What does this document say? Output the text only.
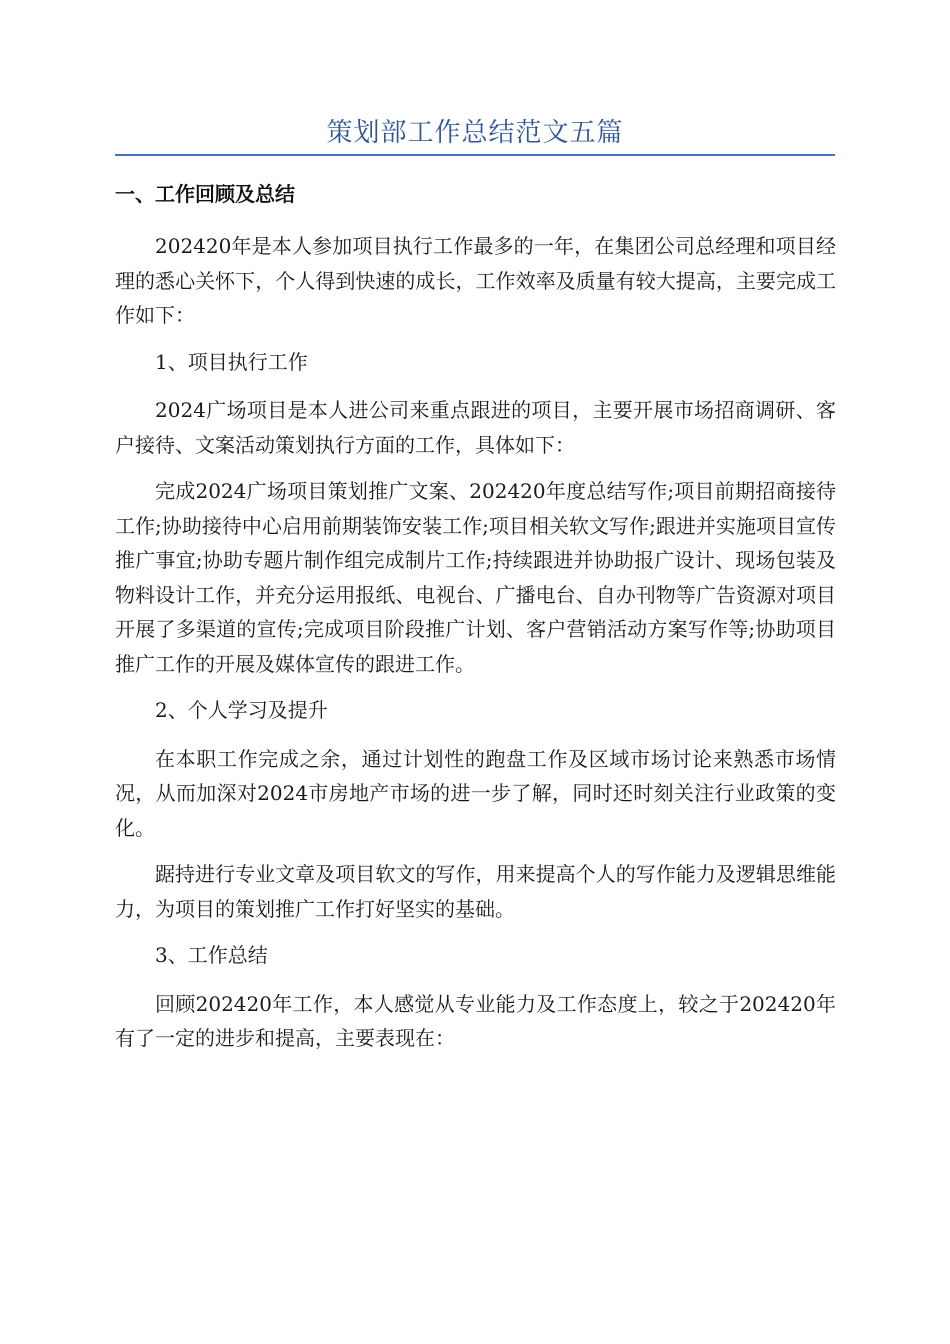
策划部工作总结范文五篇
一、工作回顾及总结

202420年是本人参加项目执行工作最多的一年，在集团公司总经理和项目经理的悉心关怀下，个人得到快速的成长，工作效率及质量有较大提高，主要完成工作如下：

1、项目执行工作

2024广场项目是本人进公司来重点跟进的项目，主要开展市场招商调研、客户接待、文案活动策划执行方面的工作，具体如下：

完成2024广场项目策划推广文案、202420年度总结写作;项目前期招商接待工作;协助接待中心启用前期装饰安装工作;项目相关软文写作;跟进并实施项目宣传推广事宜;协助专题片制作组完成制片工作;持续跟进并协助报广设计、现场包装及物料设计工作，并充分运用报纸、电视台、广播电台、自办刊物等广告资源对项目开展了多渠道的宣传;完成项目阶段推广计划、客户营销活动方案写作等;协助项目推广工作的开展及媒体宣传的跟进工作。

2、个人学习及提升

在本职工作完成之余，通过计划性的跑盘工作及区域市场讨论来熟悉市场情况，从而加深对2024市房地产市场的进一步了解，同时还时刻关注行业政策的变化。

踞持进行专业文章及项目软文的写作，用来提高个人的写作能力及逻辑思维能力，为项目的策划推广工作打好坚实的基础。

3、工作总结

回顾202420年工作，本人感觉从专业能力及工作态度上，较之于202420年有了一定的进步和提高，主要表现在：
